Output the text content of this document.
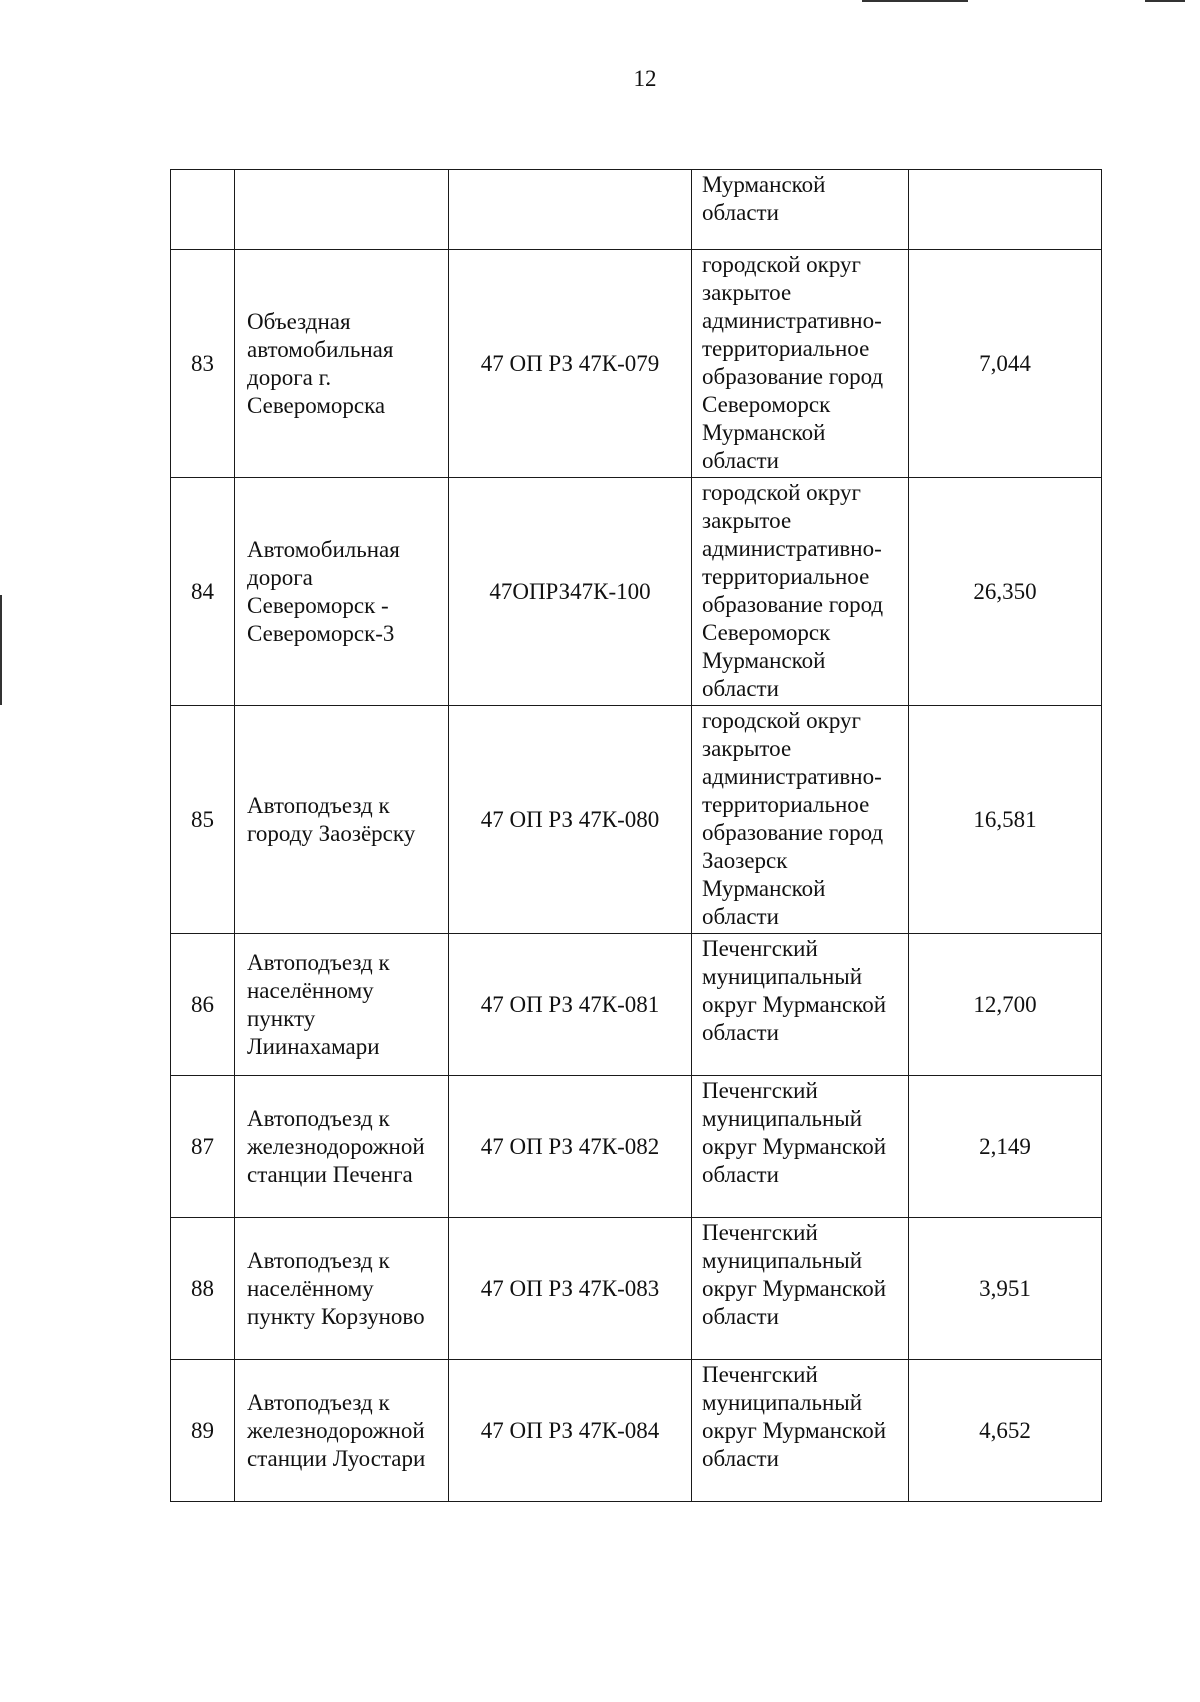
12

			Мурманской
области	

83	Объездная автомобильная дорога г. Североморска	47 ОП РЗ 47К-079	городской округ закрытое административно-территориальное образование город Североморск Мурманской области	7,044
84	Автомобильная дорога Североморск - Североморск-3	47ОПРЗ47К-100	городской округ закрытое административно-территориальное образование город Североморск Мурманской области	26,350
85	Автоподъезд к городу Заозёрску	47 ОП РЗ 47К-080	городской округ закрытое административно-территориальное образование город Заозерск Мурманской области	16,581
86	Автоподъезд к населённому пункту Лиинахамари	47 ОП РЗ 47К-081	Печенгский муниципальный округ Мурманской области	12,700
87	Автоподъезд к железнодорожной станции Печенга	47 ОП РЗ 47К-082	Печенгский муниципальный округ Мурманской области	2,149
88	Автоподъезд к населённому пункту Корзуново	47 ОП РЗ 47К-083	Печенгский муниципальный округ Мурманской области	3,951
89	Автоподъезд к железнодорожной станции Луостари	47 ОП РЗ 47К-084	Печенгский муниципальный округ Мурманской области	4,652
